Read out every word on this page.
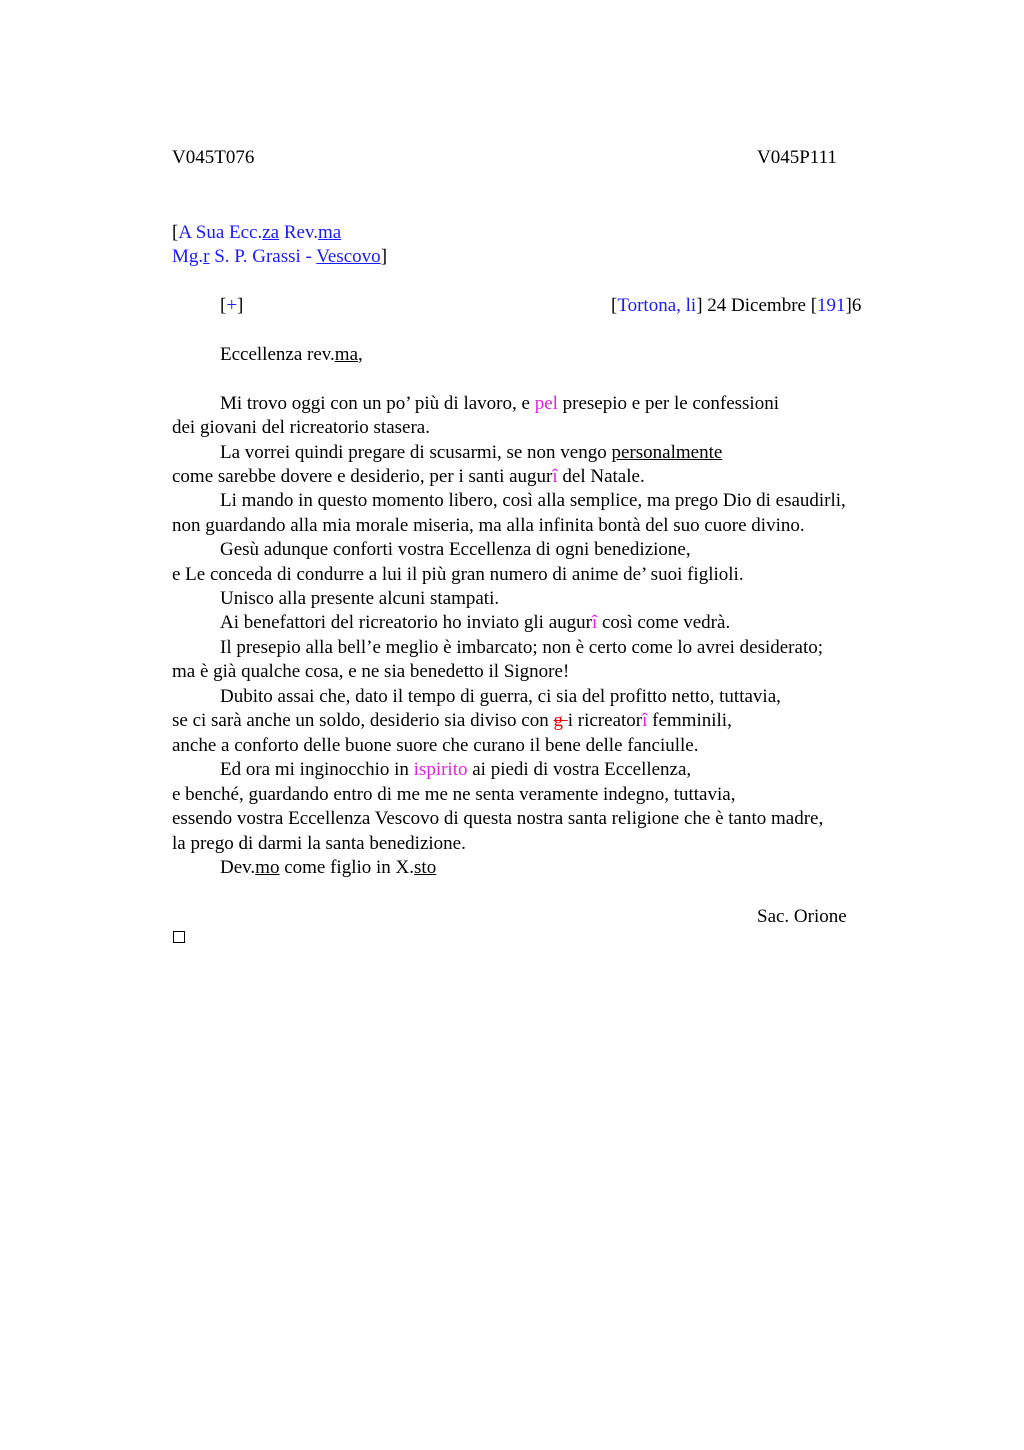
V045T076	V045P111
[A Sua Ecc.za Rev.ma
Mg.r S. P. Grassi - Vescovo]
[+]	[Tortona, li] 24 Dicembre [191]6
Eccellenza rev.ma,
Mi trovo oggi con un po’ più di lavoro, e pel presepio e per le confessioni
dei giovani del ricreatorio stasera.
La vorrei quindi pregare di scusarmi, se non vengo personalmente
come sarebbe dovere e desiderio, per i santi augurî del Natale.
Li mando in questo momento libero, così alla semplice, ma prego Dio di esaudirli,
non guardando alla mia morale miseria, ma alla infinita bontà del suo cuore divino.
Gesù adunque conforti vostra Eccellenza di ogni benedizione,
e Le conceda di condurre a lui il più gran numero di anime de’ suoi figlioli.
Unisco alla presente alcuni stampati.
Ai benefattori del ricreatorio ho inviato gli augurî così come vedrà.
Il presepio alla bell’e meglio è imbarcato; non è certo come lo avrei desiderato;
ma è già qualche cosa, e ne sia benedetto il Signore!
Dubito assai che, dato il tempo di guerra, ci sia del profitto netto, tuttavia,
se ci sarà anche un soldo, desiderio sia diviso con g i ricreatorî femminili,
anche a conforto delle buone suore che curano il bene delle fanciulle.
Ed ora mi inginocchio in ispirito ai piedi di vostra Eccellenza,
e benché, guardando entro di me me ne senta veramente indegno, tuttavia,
essendo vostra Eccellenza Vescovo di questa nostra santa religione che è tanto madre,
la prego di darmi la santa benedizione.
Dev.mo come figlio in X.sto
Sac. Orione
